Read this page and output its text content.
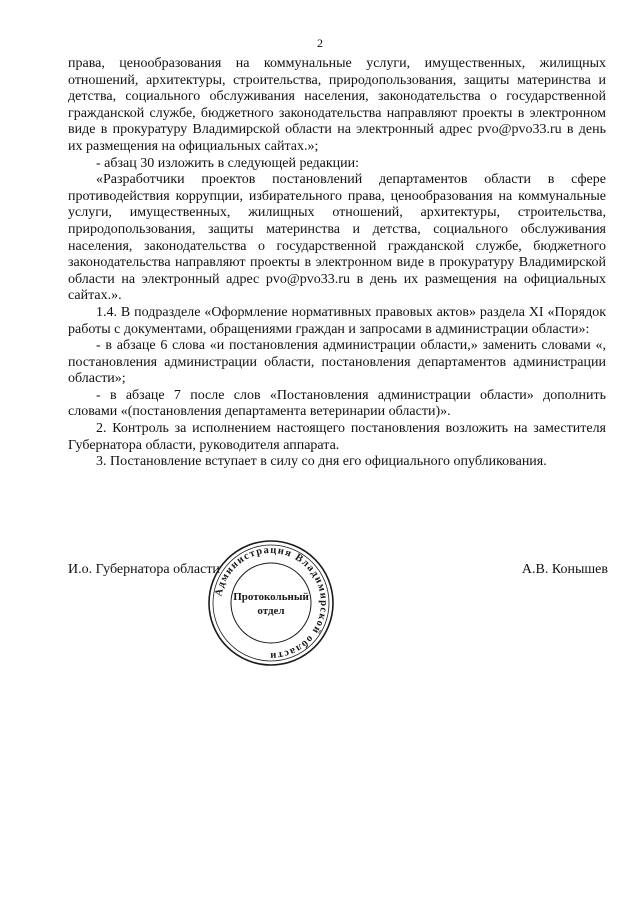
2

права, ценообразования на коммунальные услуги, имущественных, жилищных отношений, архитектуры, строительства, природопользования, защиты материнства и детства, социального обслуживания населения, законодательства о государственной гражданской службе, бюджетного законодательства направляют проекты в электронном виде в прокуратуру Владимирской области на электронный адрес pvo@pvo33.ru в день их размещения на официальных сайтах.»;

- абзац 30 изложить в следующей редакции:

«Разработчики проектов постановлений департаментов области в сфере противодействия коррупции, избирательного права, ценообразования на коммунальные услуги, имущественных, жилищных отношений, архитектуры, строительства, природопользования, защиты материнства и детства, социального обслуживания населения, законодательства о государственной гражданской службе, бюджетного законодательства направляют проекты в электронном виде в прокуратуру Владимирской области на электронный адрес pvo@pvo33.ru в день их размещения на официальных сайтах.».

1.4. В подразделе «Оформление нормативных правовых актов» раздела XI «Порядок работы с документами, обращениями граждан и запросами в администрации области»:

- в абзаце 6 слова «и постановления администрации области,» заменить словами «, постановления администрации области, постановления департаментов администрации области»;

- в абзаце 7 после слов «Постановления администрации области» дополнить словами «(постановления департамента ветеринарии области)».

2. Контроль за исполнением настоящего постановления возложить на заместителя Губернатора области, руководителя аппарата.

3. Постановление вступает в силу со дня его официального опубликования.

И.о. Губернатора области	А.В. Конышев
Администрация Владимирской области
Протокольный
отдел
